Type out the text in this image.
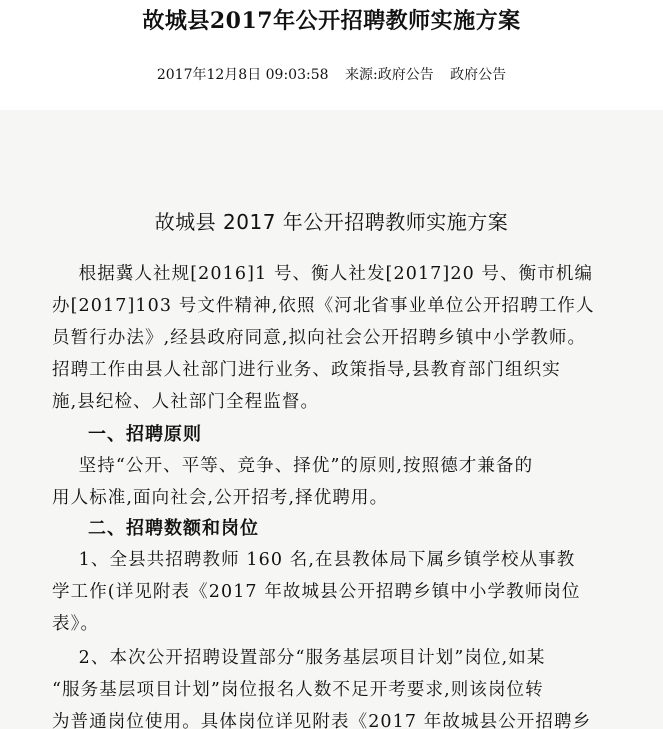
故城县2017年公开招聘教师实施方案
2017年12月8日 09:03:58 来源:政府公告 政府公告
故城县 2017 年公开招聘教师实施方案
根据冀人社规[2016]1 号、衡人社发[2017]20 号、衡市机编
办[2017]103 号文件精神,依照《河北省事业单位公开招聘工作人
员暂行办法》,经县政府同意,拟向社会公开招聘乡镇中小学教师。
招聘工作由县人社部门进行业务、政策指导,县教育部门组织实
施,县纪检、人社部门全程监督。
一、招聘原则
坚持“公开、平等、竞争、择优”的原则,按照德才兼备的
用人标准,面向社会,公开招考,择优聘用。
二、招聘数额和岗位
1、全县共招聘教师 160 名,在县教体局下属乡镇学校从事教
学工作(详见附表《2017 年故城县公开招聘乡镇中小学教师岗位
表》。
2、本次公开招聘设置部分“服务基层项目计划”岗位,如某
“服务基层项目计划”岗位报名人数不足开考要求,则该岗位转
为普通岗位使用。具体岗位详见附表《2017 年故城县公开招聘乡
